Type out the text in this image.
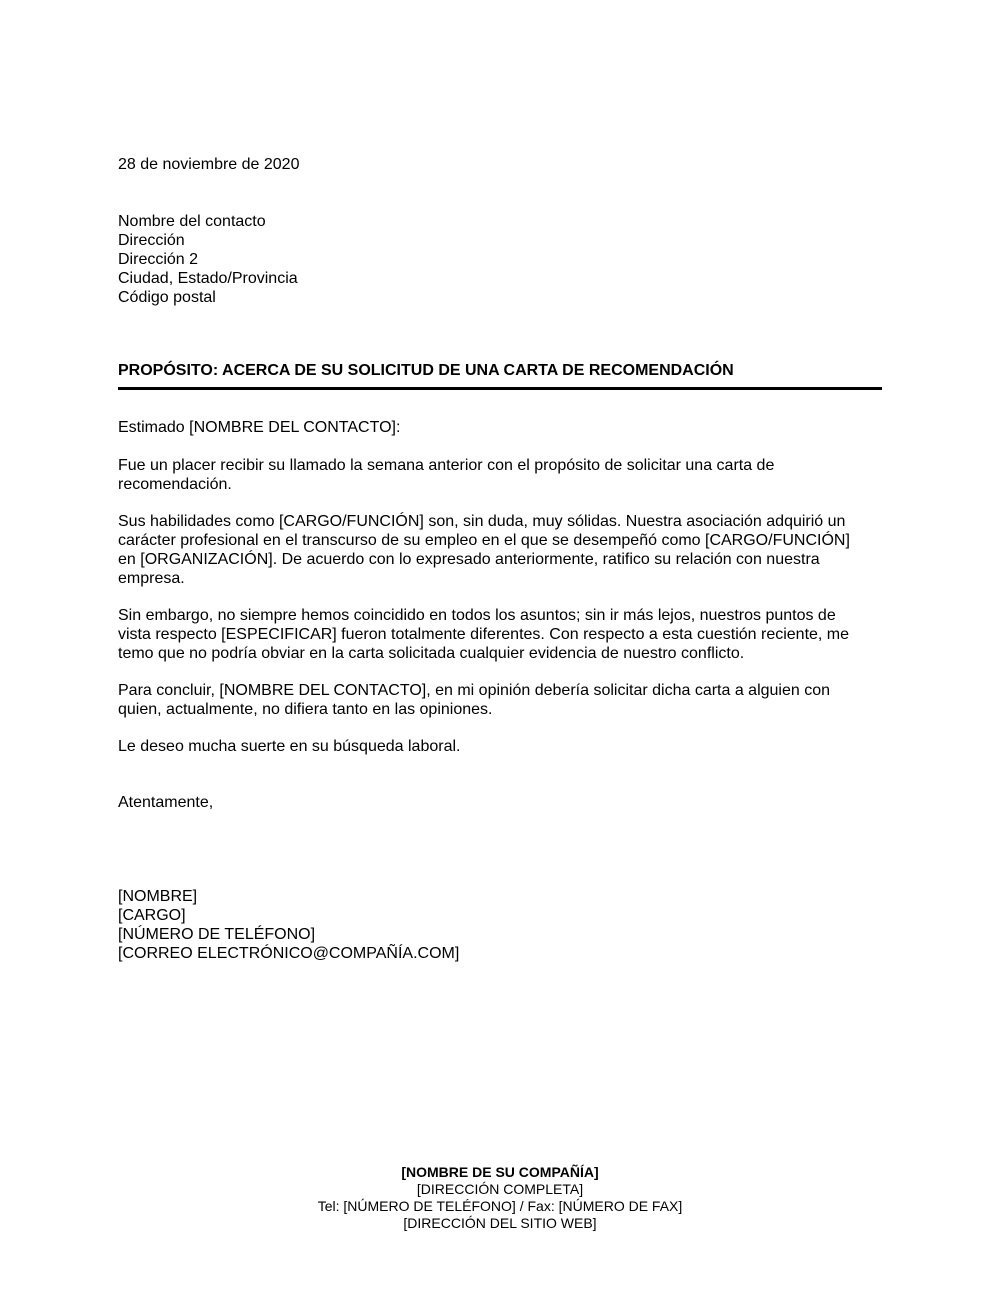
28 de noviembre de 2020
Nombre del contacto
Dirección
Dirección 2
Ciudad, Estado/Provincia
Código postal
PROPÓSITO: ACERCA DE SU SOLICITUD DE UNA CARTA DE RECOMENDACIÓN
Estimado [NOMBRE DEL CONTACTO]:
Fue un placer recibir su llamado la semana anterior con el propósito de solicitar una carta de
recomendación.
Sus habilidades como [CARGO/FUNCIÓN] son, sin duda, muy sólidas. Nuestra asociación adquirió un
carácter profesional en el transcurso de su empleo en el que se desempeñó como [CARGO/FUNCIÓN]
en [ORGANIZACIÓN]. De acuerdo con lo expresado anteriormente, ratifico su relación con nuestra
empresa.
Sin embargo, no siempre hemos coincidido en todos los asuntos; sin ir más lejos, nuestros puntos de
vista respecto [ESPECIFICAR] fueron totalmente diferentes. Con respecto a esta cuestión reciente, me
temo que no podría obviar en la carta solicitada cualquier evidencia de nuestro conflicto.
Para concluir, [NOMBRE DEL CONTACTO], en mi opinión debería solicitar dicha carta a alguien con
quien, actualmente, no difiera tanto en las opiniones.
Le deseo mucha suerte en su búsqueda laboral.
Atentamente,
[NOMBRE]
[CARGO]
[NÚMERO DE TELÉFONO]
[CORREO ELECTRÓNICO@COMPAÑÍA.COM]
[NOMBRE DE SU COMPAÑÍA]
[DIRECCIÓN COMPLETA]
Tel: [NÚMERO DE TELÉFONO] / Fax: [NÚMERO DE FAX]
[DIRECCIÓN DEL SITIO WEB]
